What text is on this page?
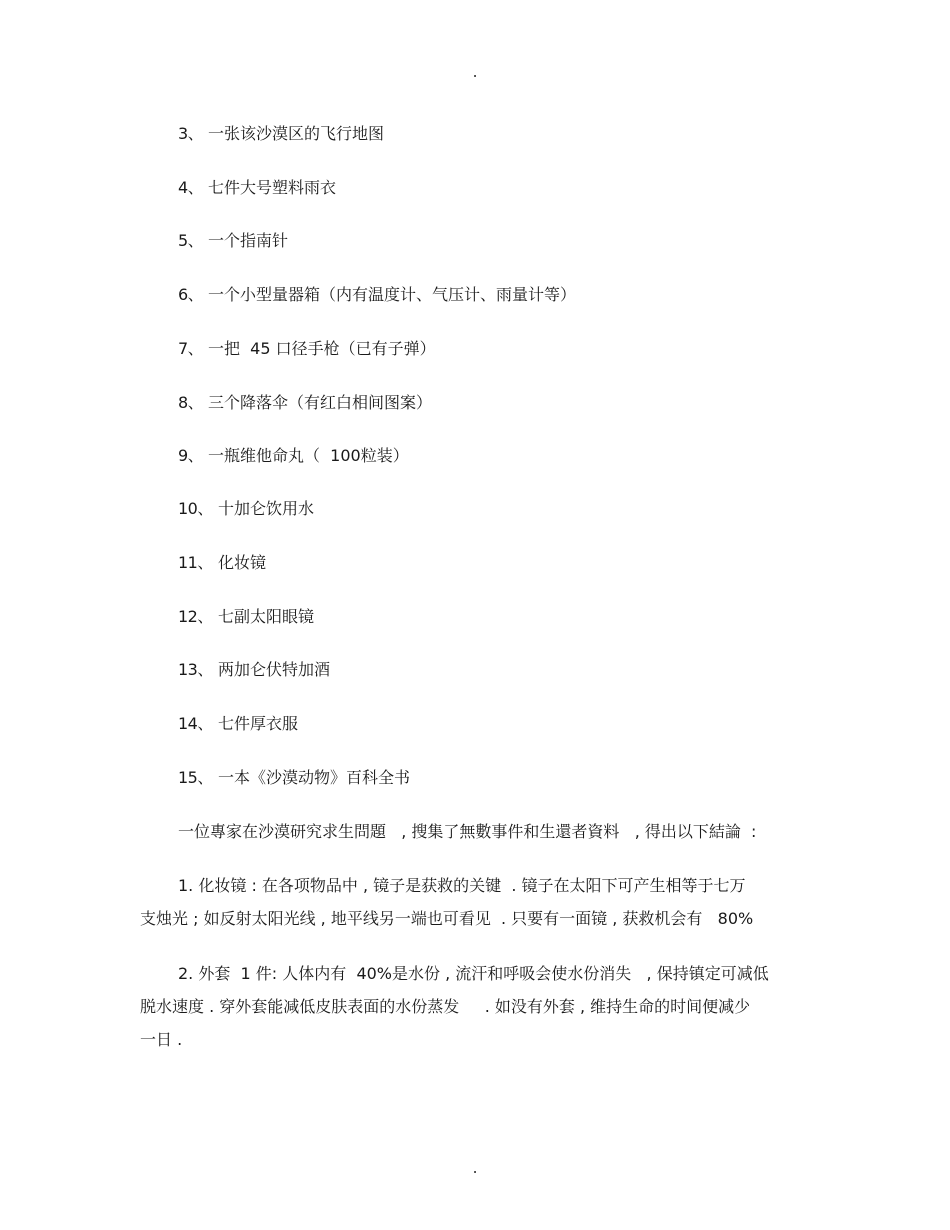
.
3、 一张该沙漠区的飞行地图
4、 七件大号塑料雨衣
5、 一个指南针
6、 一个小型量器箱（内有温度计、气压计、雨量计等）
7、 一把  45 口径手枪（已有子弹）
8、 三个降落伞（有红白相间图案）
9、 一瓶维他命丸（  100粒装）
10、 十加仑饮用水
11、 化妆镜
12、 七副太阳眼镜
13、 两加仑伏特加酒
14、 七件厚衣服
15、 一本《沙漠动物》百科全书
一位專家在沙漠研究求生問題   , 搜集了無數事件和生還者資料   , 得出以下結論  :
1. 化妆镜 : 在各项物品中 , 镜子是获救的关键  . 镜子在太阳下可产生相等于七万
支烛光 ; 如反射太阳光线 , 地平线另一端也可看见  . 只要有一面镜 , 获救机会有   80%
2. 外套  1 件: 人体内有  40%是水份 , 流汗和呼吸会使水份消失   , 保持镇定可减低
脱水速度 . 穿外套能减低皮肤表面的水份蒸发     . 如没有外套 , 维持生命的时间便减少
一日 .
.
